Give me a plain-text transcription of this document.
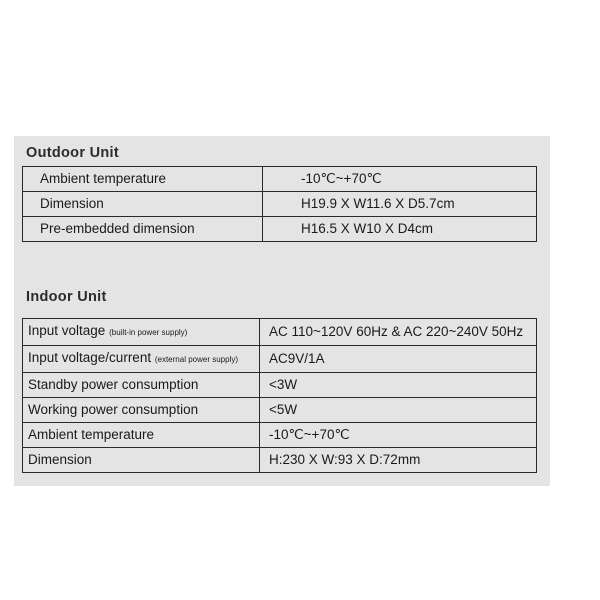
Outdoor Unit
Ambient temperature	-10℃~+70℃
Dimension	H19.9 X W11.6 X D5.7cm
Pre-embedded dimension	H16.5 X W10 X D4cm
Indoor Unit
Input voltage (built-in power supply)	AC 110~120V 60Hz & AC 220~240V 50Hz
Input voltage/current (external power supply)	AC9V/1A
Standby power consumption	<3W
Working power consumption	<5W
Ambient temperature	-10℃~+70℃
Dimension	H:230 X W:93 X D:72mm
